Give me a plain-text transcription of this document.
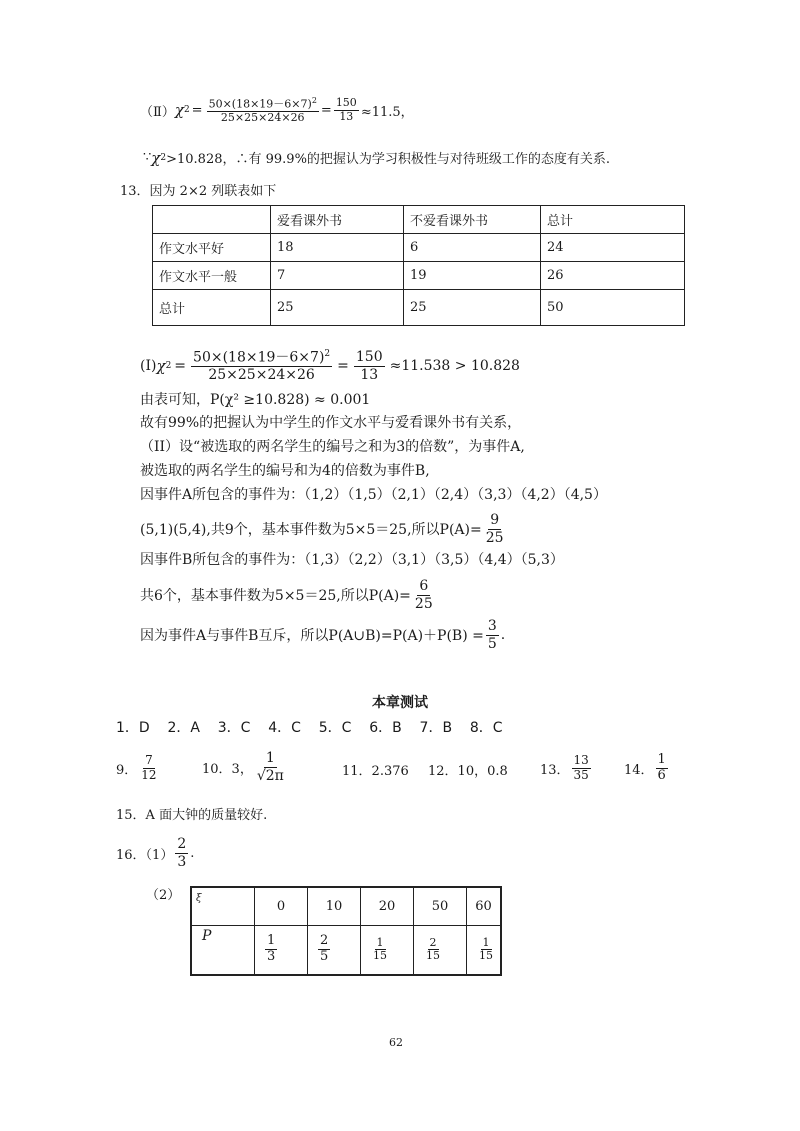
（Ⅱ） χ $2 = \frac{50\times(18\times 19-6\times 7)^2}{25\times 25\times 24\times 26} = \frac{150}{13} \approx 11.5$，
∵ χ 2 >10.828，∴有 99.9%的把握认为学习积极性与对待班级工作的态度有关系.
13．因为 2×2 列联表如下
	爱看课外书	不爱看课外书	总计
作文水平好	18	6	24
作文水平一般	7	19	26
总计	25	25	50
(I) χ $2 = \frac{50\times(18\times 19-6\times 7)^2}{25\times 25\times 24\times 26} = \frac{150}{13} \approx 11.538 > 10.828$
由表可知，P(χ² ≥10.828) ≈ 0.001
故有99%的把握认为中学生的作文水平与爱看课外书有关系，
（II）设“被选取的两名学生的编号之和为3的倍数”，为事件A,
被选取的两名学生的编号和为4的倍数为事件B,
因事件A所包含的事件为：（1,2）（1,5）（2,1）（2,4）（3,3）（4,2）（4,5）
(5,1)(5,4),共9个，基本事件数为5×5＝25,所以$P(A)= \frac{9}{25}$
因事件B所包含的事件为：（1,3）（2,2）（3,1）（3,5）（4,4）（5,3）
共6个，基本事件数为5×5＝25,所以$P(A)= \frac{6}{25}$
因为事件A与事件B互斥，所以P(A∪B)=P(A)＋P(B) = $\frac{3}{5}$ .
本章测试
1．D    2．A    3．C    4．C    5．C    6．B    7．B    8．C
9． $\frac{7}{12}$	10．3， $\frac{1}{√2\pi}$	11．2.376 12．10，0.8 13． $\frac{13}{35}$	14． $\frac{1}{6}$
15．A 面大钟的质量较好.
16．$(1) \frac{2}{3}$ .
（2） ξ	0	10	20	50	60
P	$\frac{1}{3}$	$\frac{2}{5}$	$\frac{1}{15}$	$\frac{2}{15}$	$\frac{1}{15}$
62
